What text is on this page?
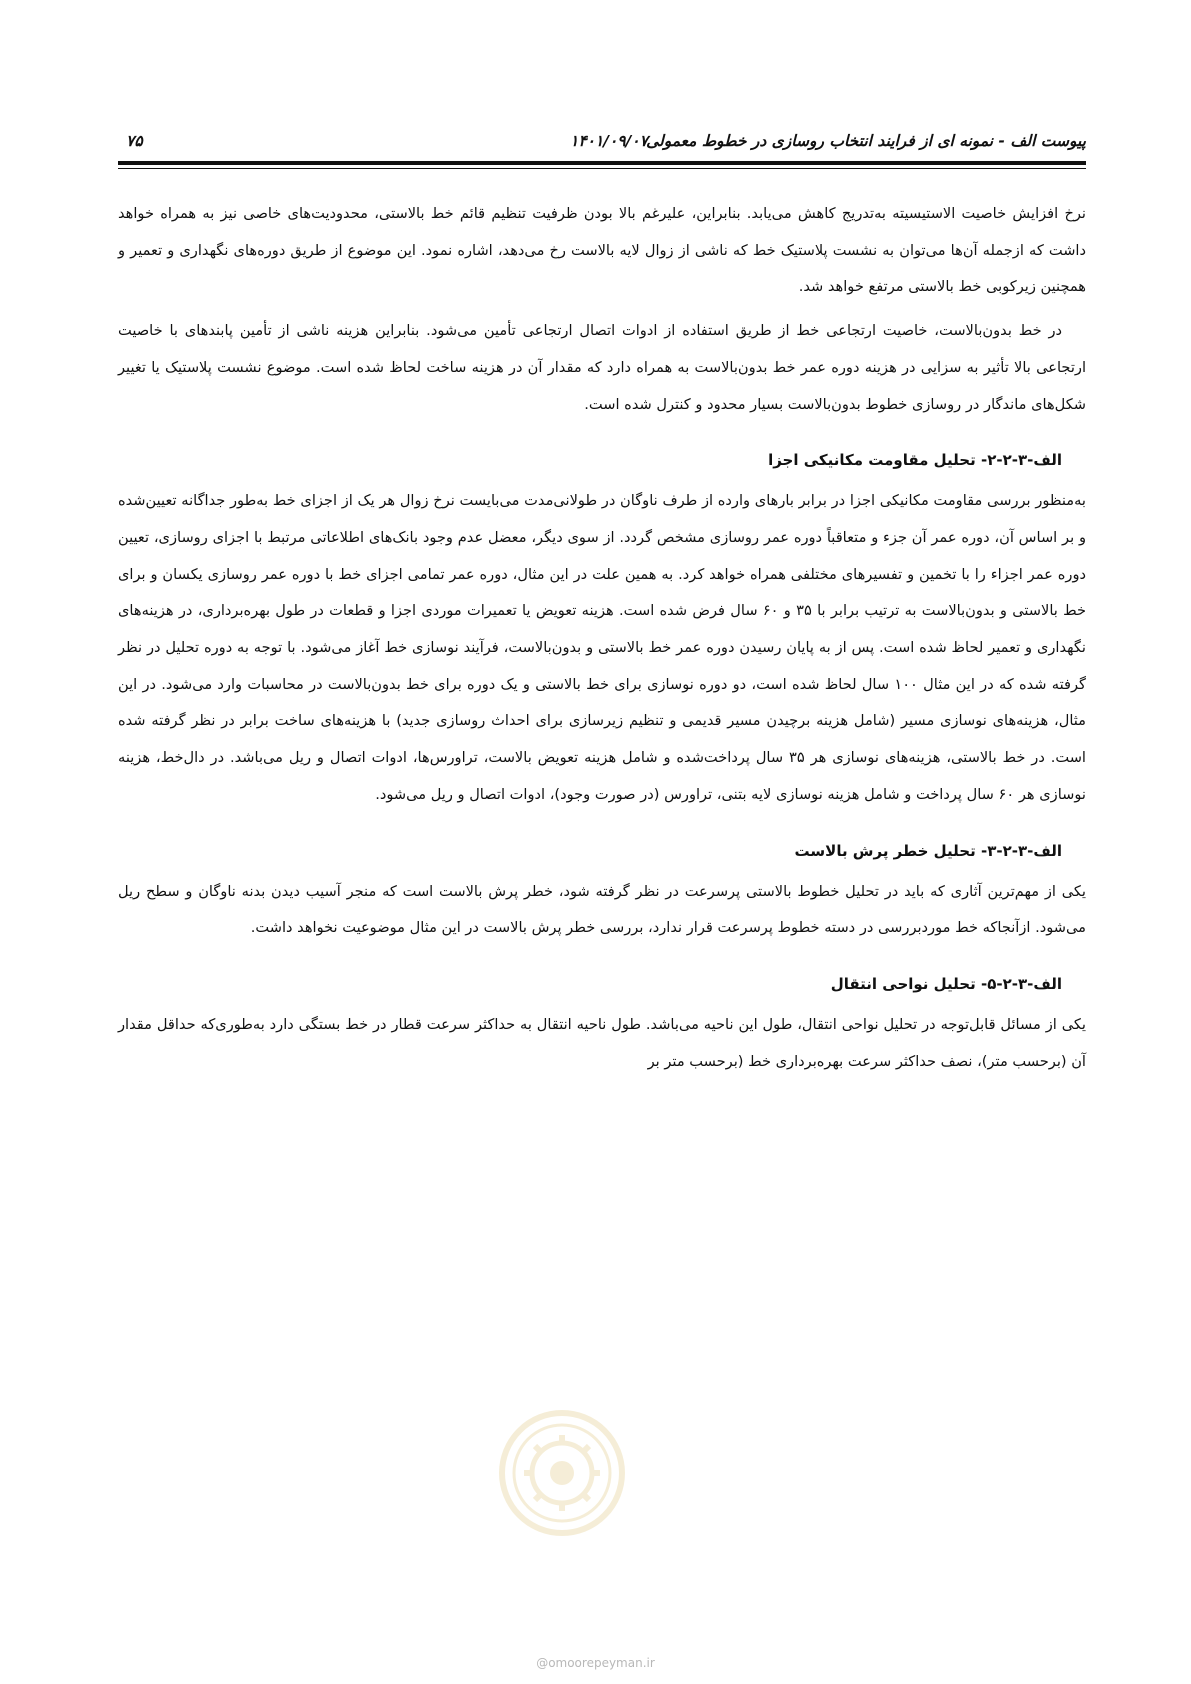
پیوست الف - نمونه ای از فرایند انتخاب روسازی در خطوط معمولی
۱۴۰۱/۰۹/۰۷
۷۵

نرخ افزایش خاصیت الاستیسیته به‌تدریج کاهش می‌یابد. بنابراین، علیرغم بالا بودن ظرفیت تنظیم قائم خط بالاستی، محدودیت‌های خاصی نیز به همراه خواهد داشت که ازجمله آن‌ها می‌توان به نشست پلاستیک خط که ناشی از زوال لایه بالاست رخ می‌دهد، اشاره نمود. این موضوع از طریق دوره‌های نگهداری و تعمیر و همچنین زیرکوبی خط بالاستی مرتفع خواهد شد.

در خط بدون‌بالاست، خاصیت ارتجاعی خط از طریق استفاده از ادوات اتصال ارتجاعی تأمین می‌شود. بنابراین هزینه ناشی از تأمین پابندهای با خاصیت ارتجاعی بالا تأثیر به سزایی در هزینه دوره عمر خط بدون‌بالاست به همراه دارد که مقدار آن در هزینه ساخت لحاظ شده است. موضوع نشست پلاستیک یا تغییر شکل‌های ماندگار در روسازی خطوط بدون‌بالاست بسیار محدود و کنترل شده است.

الف-۳-۲-۲- تحلیل مقاومت مکانیکی اجزا

به‌منظور بررسی مقاومت مکانیکی اجزا در برابر بارهای وارده از طرف ناوگان در طولانی‌مدت می‌بایست نرخ زوال هر یک از اجزای خط به‌طور جداگانه تعیین‌شده و بر اساس آن، دوره عمر آن جزء و متعاقباً دوره عمر روسازی مشخص گردد. از سوی دیگر، معضل عدم وجود بانک‌های اطلاعاتی مرتبط با اجزای روسازی، تعیین دوره عمر اجزاء را با تخمین و تفسیرهای مختلفی همراه خواهد کرد. به همین علت در این مثال، دوره عمر تمامی اجزای خط با دوره عمر روسازی یکسان و برای خط بالاستی و بدون‌بالاست به ترتیب برابر با ۳۵ و ۶۰ سال فرض شده است. هزینه تعویض یا تعمیرات موردی اجزا و قطعات در طول بهره‌برداری، در هزینه‌های نگهداری و تعمیر لحاظ شده است. پس از به پایان رسیدن دوره عمر خط بالاستی و بدون‌بالاست، فرآیند نوسازی خط آغاز می‌شود. با توجه به دوره تحلیل در نظر گرفته شده که در این مثال ۱۰۰ سال لحاظ شده است، دو دوره نوسازی برای خط بالاستی و یک دوره برای خط بدون‌بالاست در محاسبات وارد می‌شود. در این مثال، هزینه‌های نوسازی مسیر (شامل هزینه برچیدن مسیر قدیمی و تنظیم زیرسازی برای احداث روسازی جدید) با هزینه‌های ساخت برابر در نظر گرفته شده است. در خط بالاستی، هزینه‌های نوسازی هر ۳۵ سال پرداخت‌شده و شامل هزینه تعویض بالاست، تراورس‌ها، ادوات اتصال و ریل می‌باشد. در دال‌خط، هزینه نوسازی هر ۶۰ سال پرداخت و شامل هزینه نوسازی لایه بتنی، تراورس (در صورت وجود)، ادوات اتصال و ریل می‌شود.

الف-۳-۲-۳- تحلیل خطر پرش بالاست

یکی از مهم‌ترین آثاری که باید در تحلیل خطوط بالاستی پرسرعت در نظر گرفته شود، خطر پرش بالاست است که منجر آسیب دیدن بدنه ناوگان و سطح ریل می‌شود. ازآنجاکه خط موردبررسی در دسته خطوط پرسرعت قرار ندارد، بررسی خطر پرش بالاست در این مثال موضوعیت نخواهد داشت.

الف-۳-۲-۵- تحلیل نواحی انتقال

یکی از مسائل قابل‌توجه در تحلیل نواحی انتقال، طول این ناحیه می‌باشد. طول ناحیه انتقال به حداکثر سرعت قطار در خط بستگی دارد به‌طوری‌که حداقل مقدار آن (برحسب متر)، نصف حداکثر سرعت بهره‌برداری خط (برحسب متر بر

@omoorepeyman.ir
